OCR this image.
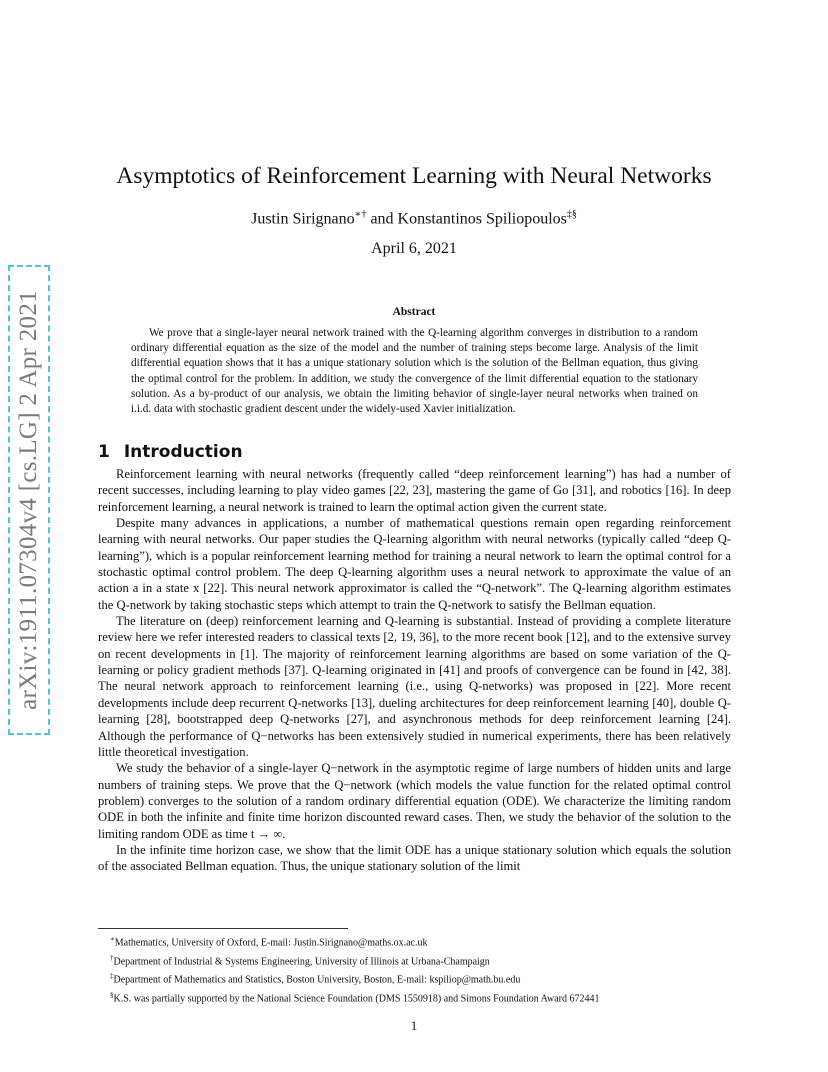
arXiv:1911.07304v4 [cs.LG] 2 Apr 2021
Asymptotics of Reinforcement Learning with Neural Networks
Justin Sirignano∗† and Konstantinos Spiliopoulos‡§
April 6, 2021
Abstract

We prove that a single-layer neural network trained with the Q-learning algorithm converges in distribution to a random ordinary differential equation as the size of the model and the number of training steps become large. Analysis of the limit differential equation shows that it has a unique stationary solution which is the solution of the Bellman equation, thus giving the optimal control for the problem. In addition, we study the convergence of the limit differential equation to the stationary solution. As a by-product of our analysis, we obtain the limiting behavior of single-layer neural networks when trained on i.i.d. data with stochastic gradient descent under the widely-used Xavier initialization.

1 Introduction

Reinforcement learning with neural networks (frequently called “deep reinforcement learning”) has had a number of recent successes, including learning to play video games [22, 23], mastering the game of Go [31], and robotics [16]. In deep reinforcement learning, a neural network is trained to learn the optimal action given the current state.

Despite many advances in applications, a number of mathematical questions remain open regarding reinforcement learning with neural networks. Our paper studies the Q-learning algorithm with neural networks (typically called “deep Q-learning”), which is a popular reinforcement learning method for training a neural network to learn the optimal control for a stochastic optimal control problem. The deep Q-learning algorithm uses a neural network to approximate the value of an action a in a state x [22]. This neural network approximator is called the “Q-network”. The Q-learning algorithm estimates the Q-network by taking stochastic steps which attempt to train the Q-network to satisfy the Bellman equation.

The literature on (deep) reinforcement learning and Q-learning is substantial. Instead of providing a complete literature review here we refer interested readers to classical texts [2, 19, 36], to the more recent book [12], and to the extensive survey on recent developments in [1]. The majority of reinforcement learning algorithms are based on some variation of the Q-learning or policy gradient methods [37]. Q-learning originated in [41] and proofs of convergence can be found in [42, 38]. The neural network approach to reinforcement learning (i.e., using Q-networks) was proposed in [22]. More recent developments include deep recurrent Q-networks [13], dueling architectures for deep reinforcement learning [40], double Q-learning [28], bootstrapped deep Q-networks [27], and asynchronous methods for deep reinforcement learning [24]. Although the performance of Q−networks has been extensively studied in numerical experiments, there has been relatively little theoretical investigation.

We study the behavior of a single-layer Q−network in the asymptotic regime of large numbers of hidden units and large numbers of training steps. We prove that the Q−network (which models the value function for the related optimal control problem) converges to the solution of a random ordinary differential equation (ODE). We characterize the limiting random ODE in both the infinite and finite time horizon discounted reward cases. Then, we study the behavior of the solution to the limiting random ODE as time t → ∞.

In the infinite time horizon case, we show that the limit ODE has a unique stationary solution which equals the solution of the associated Bellman equation. Thus, the unique stationary solution of the limit

∗Mathematics, University of Oxford, E-mail: Justin.Sirignano@maths.ox.ac.uk
†Department of Industrial & Systems Engineering, University of Illinois at Urbana-Champaign
‡Department of Mathematics and Statistics, Boston University, Boston, E-mail: kspiliop@math.bu.edu
§K.S. was partially supported by the National Science Foundation (DMS 1550918) and Simons Foundation Award 672441
1
